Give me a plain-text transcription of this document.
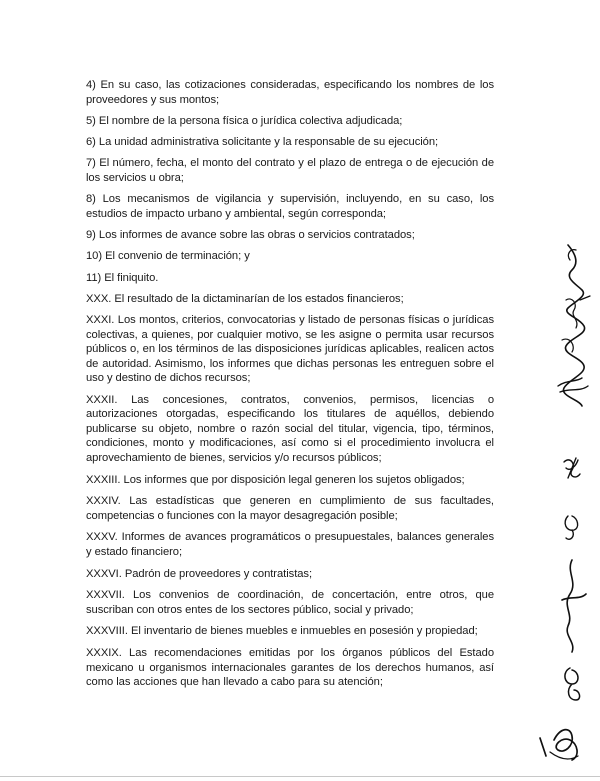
4) En su caso, las cotizaciones consideradas, especificando los nombres de los proveedores y sus montos;

5) El nombre de la persona física o jurídica colectiva adjudicada;

6) La unidad administrativa solicitante y la responsable de su ejecución;

7) El número, fecha, el monto del contrato y el plazo de entrega o de ejecución de los servicios u obra;

8) Los mecanismos de vigilancia y supervisión, incluyendo, en su caso, los estudios de impacto urbano y ambiental, según corresponda;

9) Los informes de avance sobre las obras o servicios contratados;

10) El convenio de terminación; y

11) El finiquito.

XXX. El resultado de la dictaminarían de los estados financieros;

XXXI. Los montos, criterios, convocatorias y listado de personas físicas o jurídicas colectivas, a quienes, por cualquier motivo, se les asigne o permita usar recursos públicos o, en los términos de las disposiciones jurídicas aplicables, realicen actos de autoridad. Asimismo, los informes que dichas personas les entreguen sobre el uso y destino de dichos recursos;

XXXII. Las concesiones, contratos, convenios, permisos, licencias o autorizaciones otorgadas, especificando los titulares de aquéllos, debiendo publicarse su objeto, nombre o razón social del titular, vigencia, tipo, términos, condiciones, monto y modificaciones, así como si el procedimiento involucra el aprovechamiento de bienes, servicios y/o recursos públicos;

XXXIII. Los informes que por disposición legal generen los sujetos obligados;

XXXIV. Las estadísticas que generen en cumplimiento de sus facultades, competencias o funciones con la mayor desagregación posible;

XXXV. Informes de avances programáticos o presupuestales, balances generales y estado financiero;

XXXVI. Padrón de proveedores y contratistas;

XXXVII. Los convenios de coordinación, de concertación, entre otros, que suscriban con otros entes de los sectores público, social y privado;

XXXVIII. El inventario de bienes muebles e inmuebles en posesión y propiedad;

XXXIX. Las recomendaciones emitidas por los órganos públicos del Estado mexicano u organismos internacionales garantes de los derechos humanos, así como las acciones que han llevado a cabo para su atención;
